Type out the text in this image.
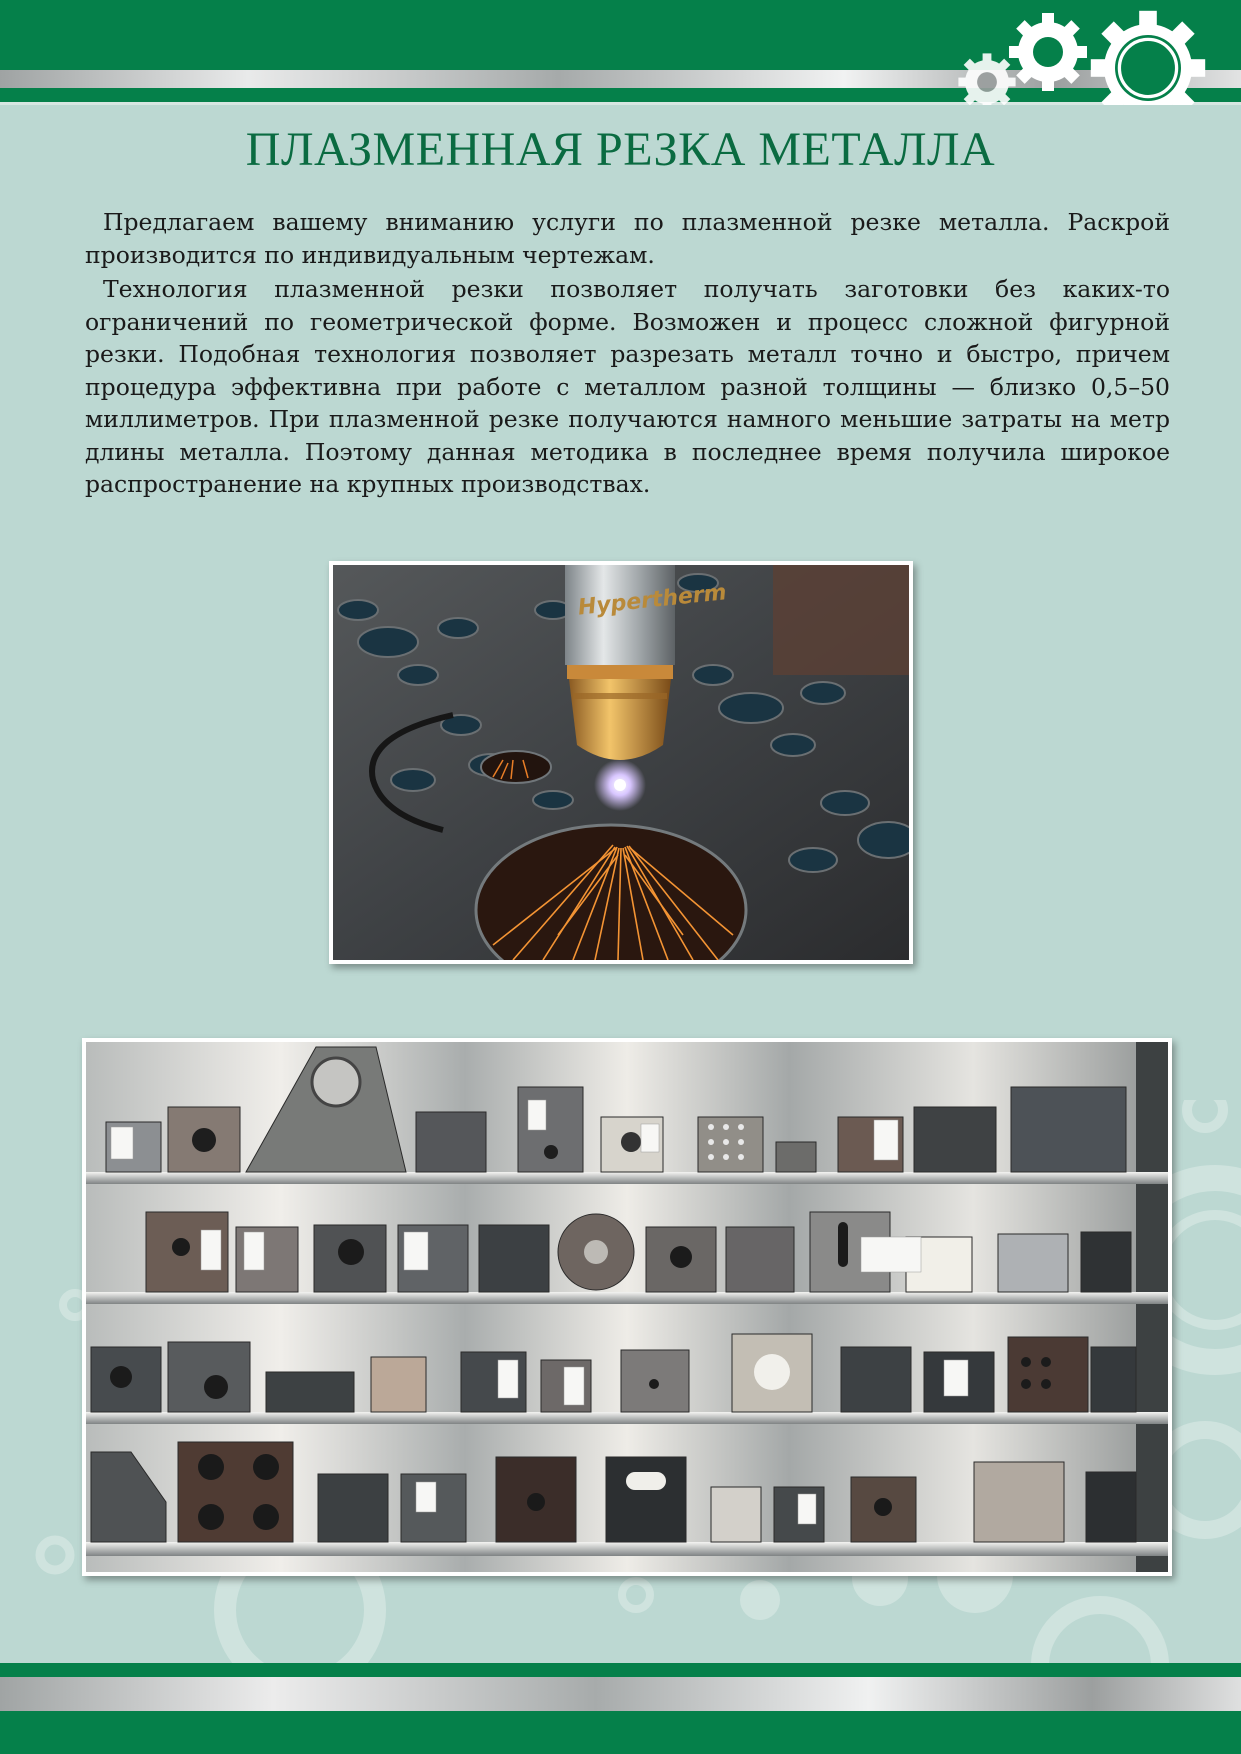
ПЛАЗМЕННАЯ РЕЗКА МЕТАЛЛА

Предлагаем вашему вниманию услуги по плазменной резке металла. Раскрой производится по индивидуальным чертежам.

Технология плазменной резки позволяет получать заготовки без каких-то ограничений по геометрической форме. Возможен и процесс сложной фигурной резки. Подобная технология позволяет разрезать металл точно и быстро, причем процедура эффективна при работе с металлом разной толщины — близко 0,5–50 миллиметров. При плазменной резке получаются намного меньшие затраты на метр длины металла. Поэтому данная методика в последнее время получила широкое распространение на крупных производствах.

Hypertherm
